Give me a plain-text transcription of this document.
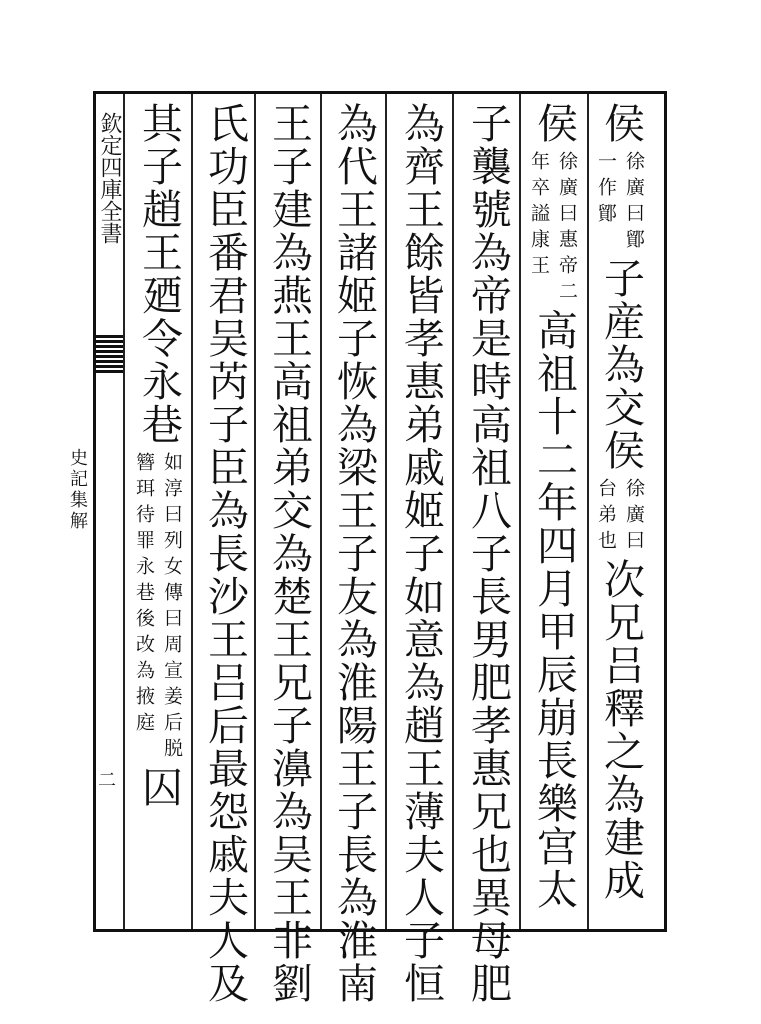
欽定四庫全書
史記集解
二
侯
徐廣曰鄮
一作鄮
子産為交侯
徐廣曰
台弟也
次兄吕釋之為建成
侯
徐廣曰惠帝二
年卒謚康王
高祖十二年四月甲辰崩長樂宫太
子襲號為帝是時高祖八子長男肥孝惠兄也異母肥
為齊王餘皆孝惠弟戚姬子如意為趙王薄夫人子恒
為代王諸姬子恢為梁王子友為淮陽王子長為淮南
王子建為燕王高祖弟交為楚王兄子濞為吴王非劉
氏功臣番君吴芮子臣為長沙王吕后最怨戚夫人及
其子趙王廼令永巷
如淳曰列女傳曰周宣姜后脱
簪珥待罪永巷後改為掖庭
囚
